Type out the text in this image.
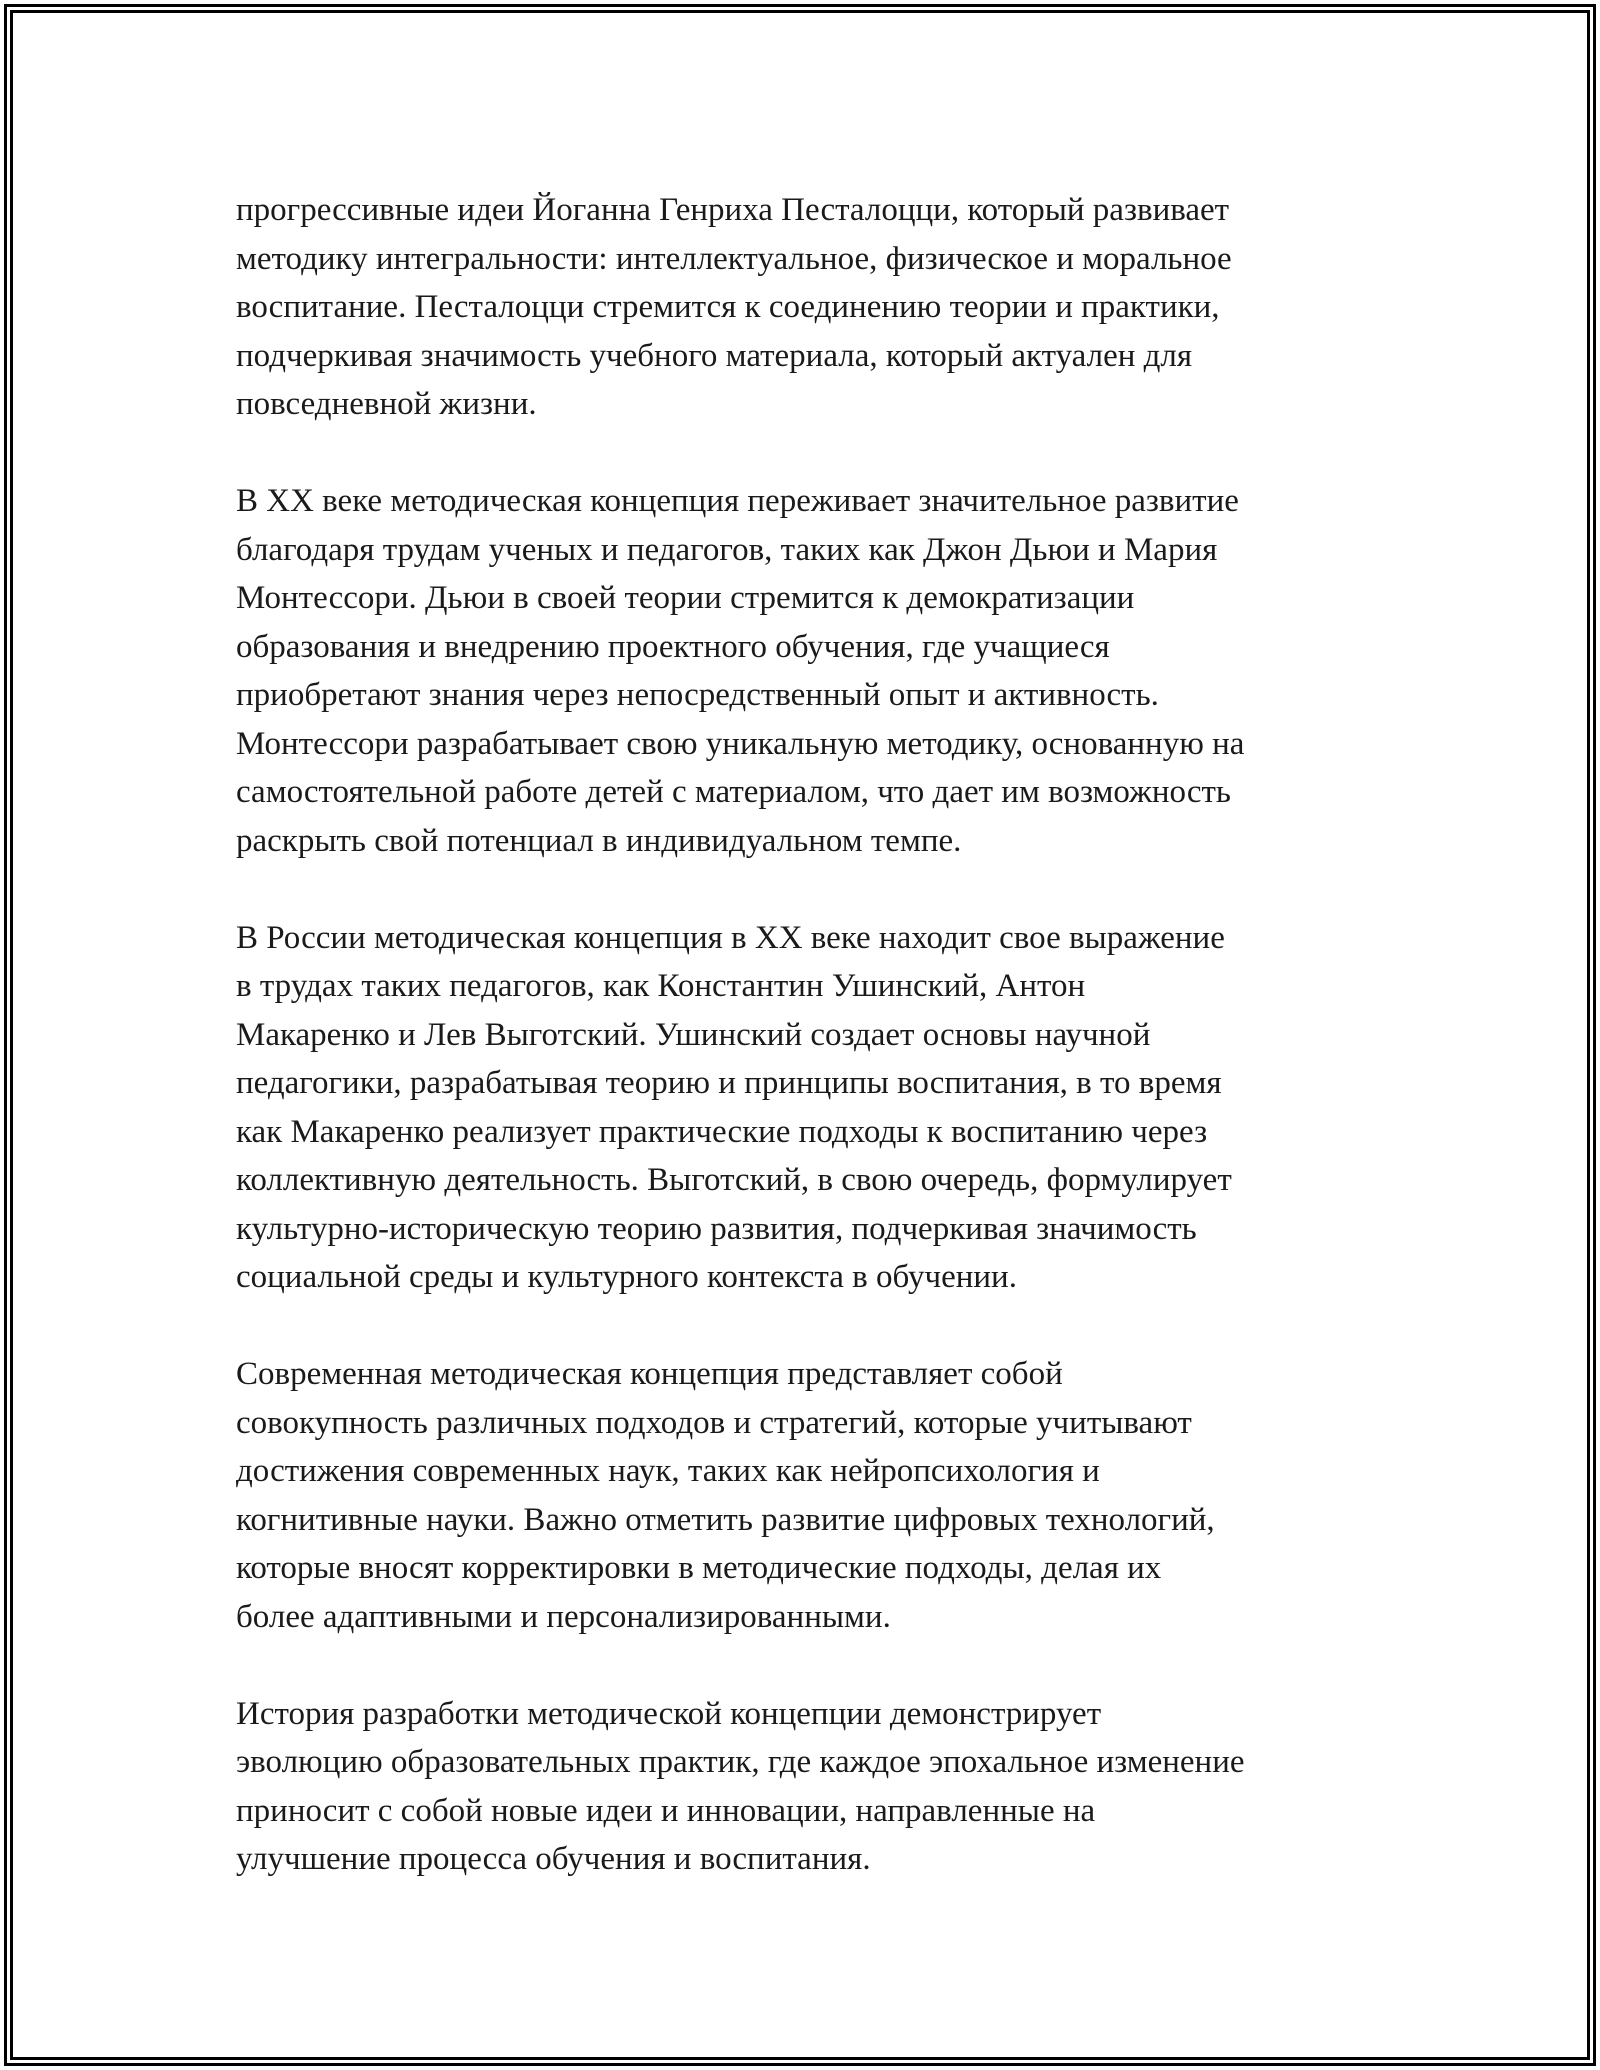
прогрессивные идеи Йоганна Генриха Песталоцци, который развивает
методику интегральности: интеллектуальное, физическое и моральное
воспитание. Песталоцци стремится к соединению теории и практики,
подчеркивая значимость учебного материала, который актуален для
повседневной жизни.

В XX веке методическая концепция переживает значительное развитие
благодаря трудам ученых и педагогов, таких как Джон Дьюи и Мария
Монтессори. Дьюи в своей теории стремится к демократизации
образования и внедрению проектного обучения, где учащиеся
приобретают знания через непосредственный опыт и активность.
Монтессори разрабатывает свою уникальную методику, основанную на
самостоятельной работе детей с материалом, что дает им возможность
раскрыть свой потенциал в индивидуальном темпе.

В России методическая концепция в XX веке находит свое выражение
в трудах таких педагогов, как Константин Ушинский, Антон
Макаренко и Лев Выготский. Ушинский создает основы научной
педагогики, разрабатывая теорию и принципы воспитания, в то время
как Макаренко реализует практические подходы к воспитанию через
коллективную деятельность. Выготский, в свою очередь, формулирует
культурно-историческую теорию развития, подчеркивая значимость
социальной среды и культурного контекста в обучении.

Современная методическая концепция представляет собой
совокупность различных подходов и стратегий, которые учитывают
достижения современных наук, таких как нейропсихология и
когнитивные науки. Важно отметить развитие цифровых технологий,
которые вносят корректировки в методические подходы, делая их
более адаптивными и персонализированными.

История разработки методической концепции демонстрирует
эволюцию образовательных практик, где каждое эпохальное изменение
приносит с собой новые идеи и инновации, направленные на
улучшение процесса обучения и воспитания.
